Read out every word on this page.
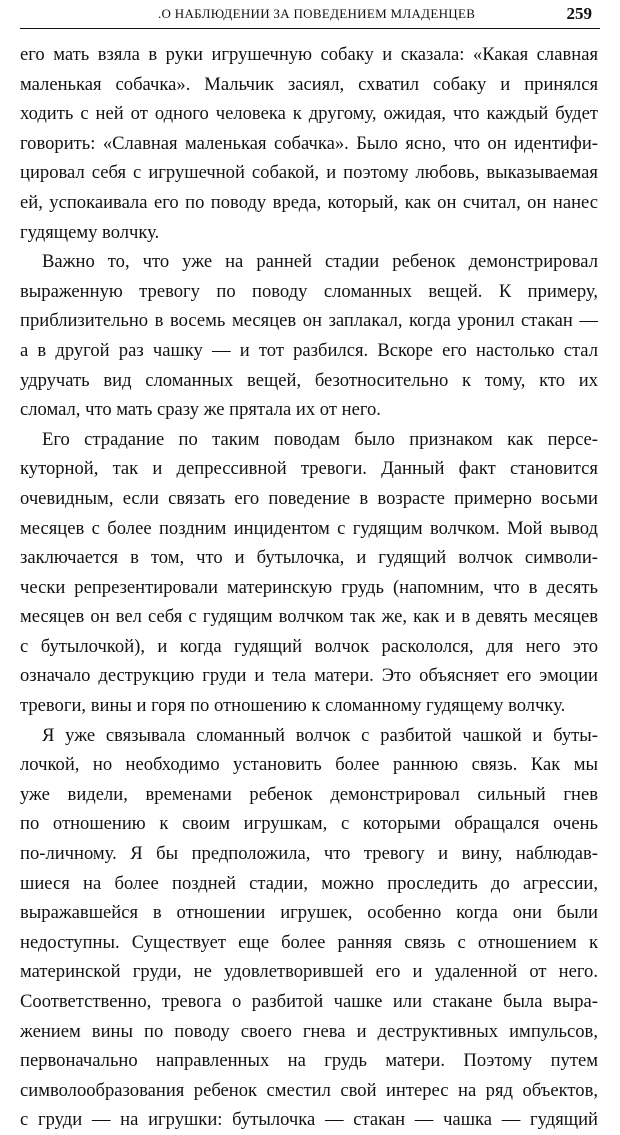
.О НАБЛЮДЕНИИ ЗА ПОВЕДЕНИЕМ МЛАДЕНЦЕВ	259

его мать взяла в руки игрушечную собаку и сказала: «Какая славная
маленькая собачка». Мальчик засиял, схватил собаку и принялся
ходить с ней от одного человека к другому, ожидая, что каждый будет
говорить: «Славная маленькая собачка». Было ясно, что он идентифи-
цировал себя с игрушечной собакой, и поэтому любовь, выказываемая
ей, успокаивала его по поводу вреда, который, как он считал, он нанес
гудящему волчку.

Важно то, что уже на ранней стадии ребенок демонстрировал
выраженную тревогу по поводу сломанных вещей. К примеру,
приблизительно в восемь месяцев он заплакал, когда уронил стакан —
а в другой раз чашку — и тот разбился. Вскоре его настолько стал
удручать вид сломанных вещей, безотносительно к тому, кто их
сломал, что мать сразу же прятала их от него.

Его страдание по таким поводам было признаком как персе-
куторной, так и депрессивной тревоги. Данный факт становится
очевидным, если связать его поведение в возрасте примерно восьми
месяцев с более поздним инцидентом с гудящим волчком. Мой вывод
заключается в том, что и бутылочка, и гудящий волчок символи-
чески репрезентировали материнскую грудь (напомним, что в десять
месяцев он вел себя с гудящим волчком так же, как и в девять месяцев
с бутылочкой), и когда гудящий волчок раскололся, для него это
означало деструкцию груди и тела матери. Это объясняет его эмоции
тревоги, вины и горя по отношению к сломанному гудящему волчку.

Я уже связывала сломанный волчок с разбитой чашкой и буты-
лочкой, но необходимо установить более раннюю связь. Как мы
уже видели, временами ребенок демонстрировал сильный гнев
по отношению к своим игрушкам, с которыми обращался очень
по-личному. Я бы предположила, что тревогу и вину, наблюдав-
шиеся на более поздней стадии, можно проследить до агрессии,
выражавшейся в отношении игрушек, особенно когда они были
недоступны. Существует еще более ранняя связь с отношением к
материнской груди, не удовлетворившей его и удаленной от него.
Соответственно, тревога о разбитой чашке или стакане была выра-
жением вины по поводу своего гнева и деструктивных импульсов,
первоначально направленных на грудь матери. Поэтому путем
символообразования ребенок сместил свой интерес на ряд объектов,
с груди — на игрушки: бутылочка — стакан — чашка — гудящий
